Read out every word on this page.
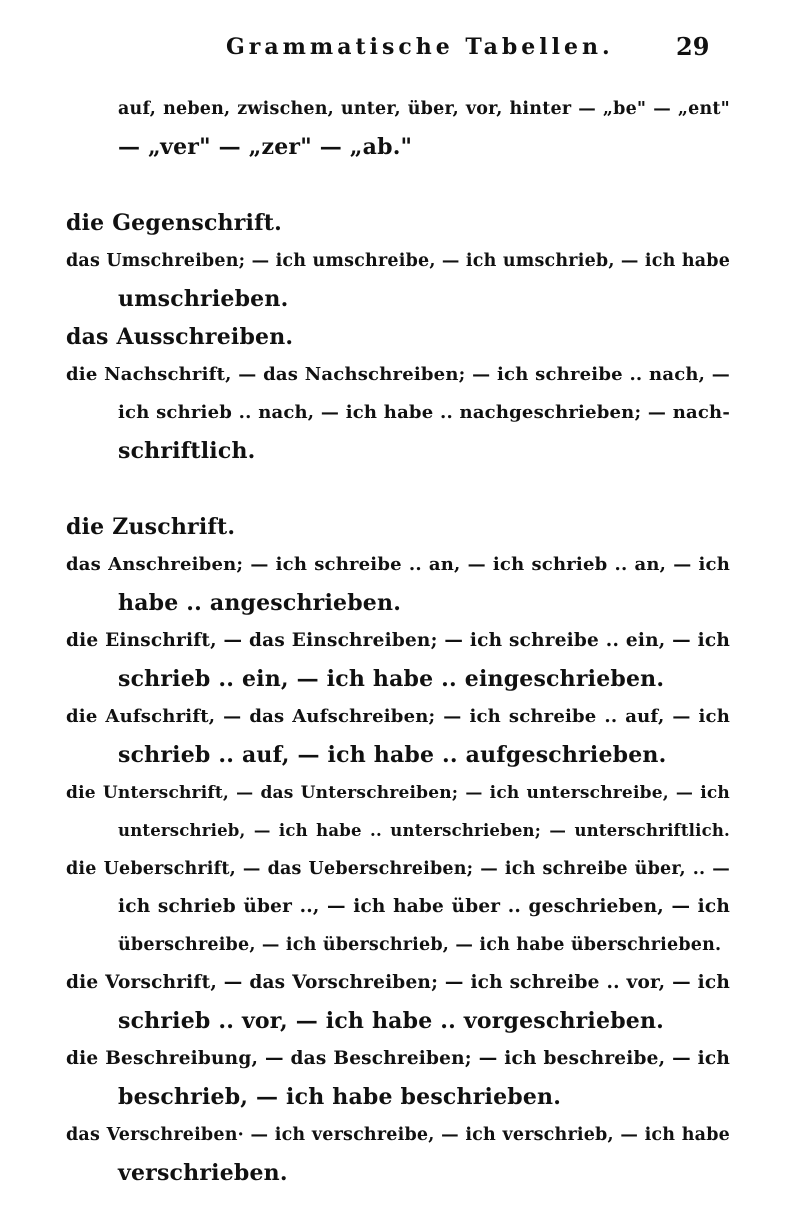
Grammatische Tabellen.	29
auf, neben, zwischen, unter, über, vor, hinter — „be" — „ent"
— „ver" — „zer" — „ab."
die Gegenschrift.
das Umschreiben; — ich umschreibe, — ich umschrieb, — ich habe
umschrieben.
das Ausschreiben.
die Nachschrift, — das Nachschreiben; — ich schreibe .. nach, —
ich schrieb .. nach, — ich habe .. nachgeschrieben; — nach-
schriftlich.
die Zuschrift.
das Anschreiben; — ich schreibe .. an, — ich schrieb .. an, — ich
habe .. angeschrieben.
die Einschrift, — das Einschreiben; — ich schreibe .. ein, — ich
schrieb .. ein, — ich habe .. eingeschrieben.
die Aufschrift, — das Aufschreiben; — ich schreibe .. auf, — ich
schrieb .. auf, — ich habe .. aufgeschrieben.
die Unterschrift, — das Unterschreiben; — ich unterschreibe, — ich
unterschrieb, — ich habe .. unterschrieben; — unterschriftlich.
die Ueberschrift, — das Ueberschreiben; — ich schreibe über, .. —
ich schrieb über .., — ich habe über .. geschrieben, — ich
überschreibe, — ich überschrieb, — ich habe überschrieben.
die Vorschrift, — das Vorschreiben; — ich schreibe .. vor, — ich
schrieb .. vor, — ich habe .. vorgeschrieben.
die Beschreibung, — das Beschreiben; — ich beschreibe, — ich
beschrieb, — ich habe beschrieben.
das Verschreiben· — ich verschreibe, — ich verschrieb, — ich habe
verschrieben.
